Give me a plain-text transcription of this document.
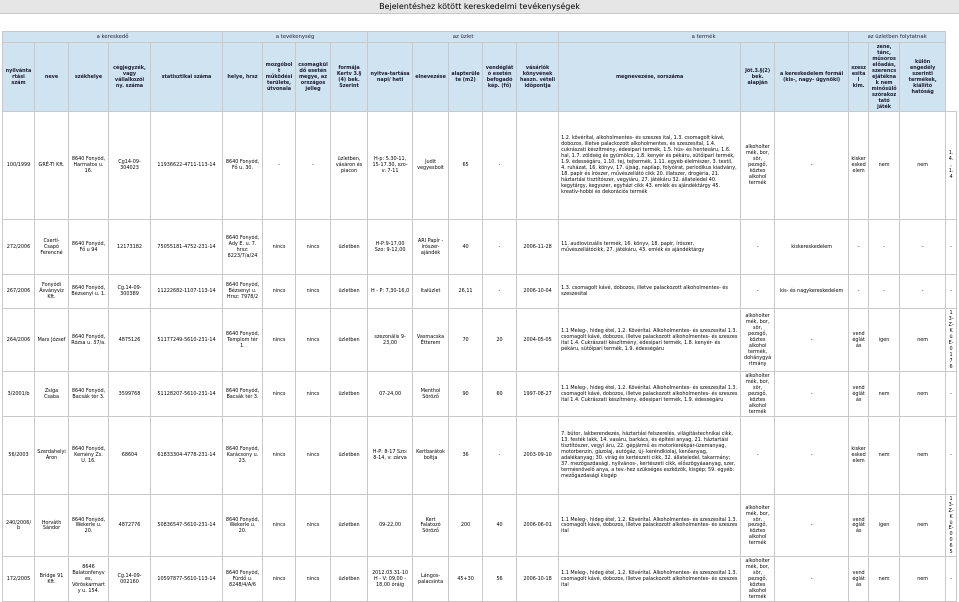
Bejelentéshez kötött kereskedelmi tevékenységek
a kereskedő					a tevékenység				az üzlet					a termék			az üzletben folytatnak			
nyilvántartási szám	neve	székhelye	cégjegyzék, vagy vállalkozói ny. száma	statisztikai száma	helye, hrsz	mozgóbolt működési területe, útvonala	csomagküldő esetén megye, az országos jelleg	formája Kertv 3.§ (4) bek. Szerint	nyitva-tartása napi/ heti	elnevezése	alapterülete (m2)	vendéglátó esetén befogadó kép. (fő)	vásárlók könyvének haszn. vételi időpontja	megnevezése, sorszáma	Jöt.3.§(2) bek. alapján	a kereskedelem formái (kis-, nagy- ügynöki)	szeszesital kim.	zene, tánc, műsoros előadás, szerencsejátéknak nem minősülő szórakoztató játék	külön engedély szerinti termékek, kiállító hatóság	
100/1999	GRÉ-TI Kft.	8640 Fonyód, Harmatos u. 16.	Cg14-09-304023	11936622-4711-113-14	8640 Fonyód, Fő u. 30.	-	-	üzletben, vásáron és piacon	H-p: 5.30-11, 15-17.30, szo- v: 7-11	Judit vegyesbolt	65	-		1.2. kövérítal, alkoholmentes- és szeszes ital, 1.3. csomagolt kávé, dobozos, illetve palackozott alkoholmentes, és szeszesital, 1.4. cukrászati készítmény, édesipari termék, 1.5. hús- és hentesáru, 1.6. hal, 1.7. zöldség és gyümölcs, 1.8. kenyér és pékáru, sütőipari termék, 1.9. édességáru, 1.10. tej, tejtermék, 1.11. egyéb élelmiszer, 3. textil, 4. ruházat, 16. könyv, 17. újság, napilap, folyóirat, periodikus kiadvány, 18. papír és írószer, művészellátó cikk 20. illatszer, drogéria, 21. háztartási tisztítószer, vegyiáru, 27. játékáru 32. állateledel 40. kegytárgy, kegyszer, egyházi cikk 43. emlék és ajándéktárgy 45. kreatív-hobbi és dekorációs termék	alkoholtermék, bor, sör, pezsgő, köztes alkohol termék	-	kiskereskedelem	nem	nem	1.4., 1.4
272/2006	Csertí-Csapó Ferencné	8640 Fonyód, Fő u 94	12173182	75055181-4752-231-14	8640 Fonyód, Ady E. u. 7. hrsz: 8223/7/a/24	nincs	nincs	üzletben	H-P:9-17,00 Szo: 9-12,00	ARI Papír - írószer-ajándék	40	-	2006-11-28	11. audiovizuális termék, 16. könyv, 18. papír, írószer, művészellátócikk, 27. játékáru, 43. emlék és ajándéktárgy	-	kiskereskedelem	-	-	-	-
267/2006	Fonyódi Ásványvíz Kft.	8640 Fonyód, Bézsenyi u. 1.	Cg.14-09-300389	11222682-1107-113-14	8640 Fonyód, Bézsenyi u. Hrsz: 7978/2	nincs	nincs	üzletben	H - P: 7,30-16,0	Italüzlet	26,11	-	2006-10-04	1.3. csomagolt kávé, dobozos, illetve palackozott alkoholmentes- és szeszesital	-	kis- és nagykereskedelem	-	-	-	-
264/2006	Marx József	8640 Fonyód, Rózsa u. 37/a.	4875126	51177249-5610-231-14	8640 Fonyód, Templom tér 1.	nincs	nincs	üzletben	szezonális 9-23,00	Vasmacska Étterem	70	20	2004-05-05	1.1 Meleg-, hideg étel, 1.2. Kövérítal. Alkoholmentes- és szeszesital 1.3. csomagolt kávé, dobozos, illetve palackozott alkoholmentes- és szeszes ital 1.4. Cukrászati készítmény, édesipari termék, 1.8. kenyér- és pékáru, sütőipari termék, 1.9. édességáru	alkoholtermék, bor, sör, pezsgő, köztes alkohol termék, dohánygyártmány	-	vendéglátás	igen	nem	13-Z-KüE-0176
3/2001/b	Zsiga Csaba	8640 Fonyód, Bacsák tér 3.	3599768	51128207-5610-231-14	8640 Fonyód, Bacsák tér 3.	nincs	nincs	üzletben	07-24,00	Menthol Söröző	90	60	1997-08-27	1.1 Meleg-, hideg étel, 1.2. Kövérítal. Alkoholmentes- és szeszesital 1.3. csomagolt kávé, dobozos, illetve palackozott alkoholmentes- és szeszes ital 1.4. Cukrászati készítmény, édesipari termék, 1.9. édességáru	alkoholtermék, bor, sör, pezsgő, köztes alkohol termék	-	vendéglátás	nem	nem	-
56/2003	Szerdahelyi Áron	8640 Fonyód, Kemény Zs. U. 16.	68604	61833304-4778-231-14	8640 Fonyód, Karácsony u. 23.	nincs	nincs	üzletben	H-P: 8-17 Szo: 8-14, v: zárva	Kertbarátok boltja	36	-	2003-09-10	7. bútor, lakberendezés, háztartási felszerelés, világítástechnikai cikk, 13. festék lakk, 14. vasáru, barkács, és építési anyag, 21. háztartási tisztítószer, vegyi áru, 22. gépjármű és motorkerékpár-üzemanyag, motorbenzin, gázolaj, autógáz, új- keréndkiolaj, kenőanyag, adalékanyag; 30. virág és kertészeti cikk, 32. állateledel, takarmány; 37. mezőgazdasági, nyilvános-, kertészeti cikk, előszögyáaanyag, szer, termésnövelő anya, a tev.-hez szükséges eszközök, kisgép; 59. egyéb: mezőgazdasági kisgép	-	-	kiskereskedelem	nem	nem	-
240/2006/b	Horváth Sándor	8640 Fonyód, Wekerle u. 20.	4872776	50836547-5610-231-14	8640 Fonyód, Wekerle u. 20.	nincs	nincs	üzletben	09-22,00	Kert Falatozó Söröző	200	40	2006-06-01	1.1 Meleg-, hideg étel, 1.2. Kövérítal. Alkoholmentes- és szeszesital 1.3. csomagolt kávé, dobozos, illetve palackozott alkoholmentes- és szeszes ital	alkoholtermék, bor, sör, pezsgő, köztes alkohol termék	-	vendéglátás	igen	nem	13-Z-KüE-0065
172/2005	Bridge 91 Kft.	8646 Balatonfenyves, Vöröskarmarty u. 154.	Cg.14-09-002160	10597877-5610-113-14	8640 Fonyód, Fürdő u. 8248/4/A/6	nincs	nincs	üzletben	2012.03.31-10 H - V: 09,00 - 18,00 óráig	Lángos-palacsinta	45+30	56	2006-10-18	1.1 Meleg-, hideg étel, 1.2. Kövérítal. Alkoholmentes- és szeszesital 1.3. csomagolt kávé, dobozos, illetve palackozott alkoholmentes- és szeszes ital	alkoholtermék, bor, sör, pezsgő, köztes alkohol termék	-	vendéglátás	nem	nem	-
